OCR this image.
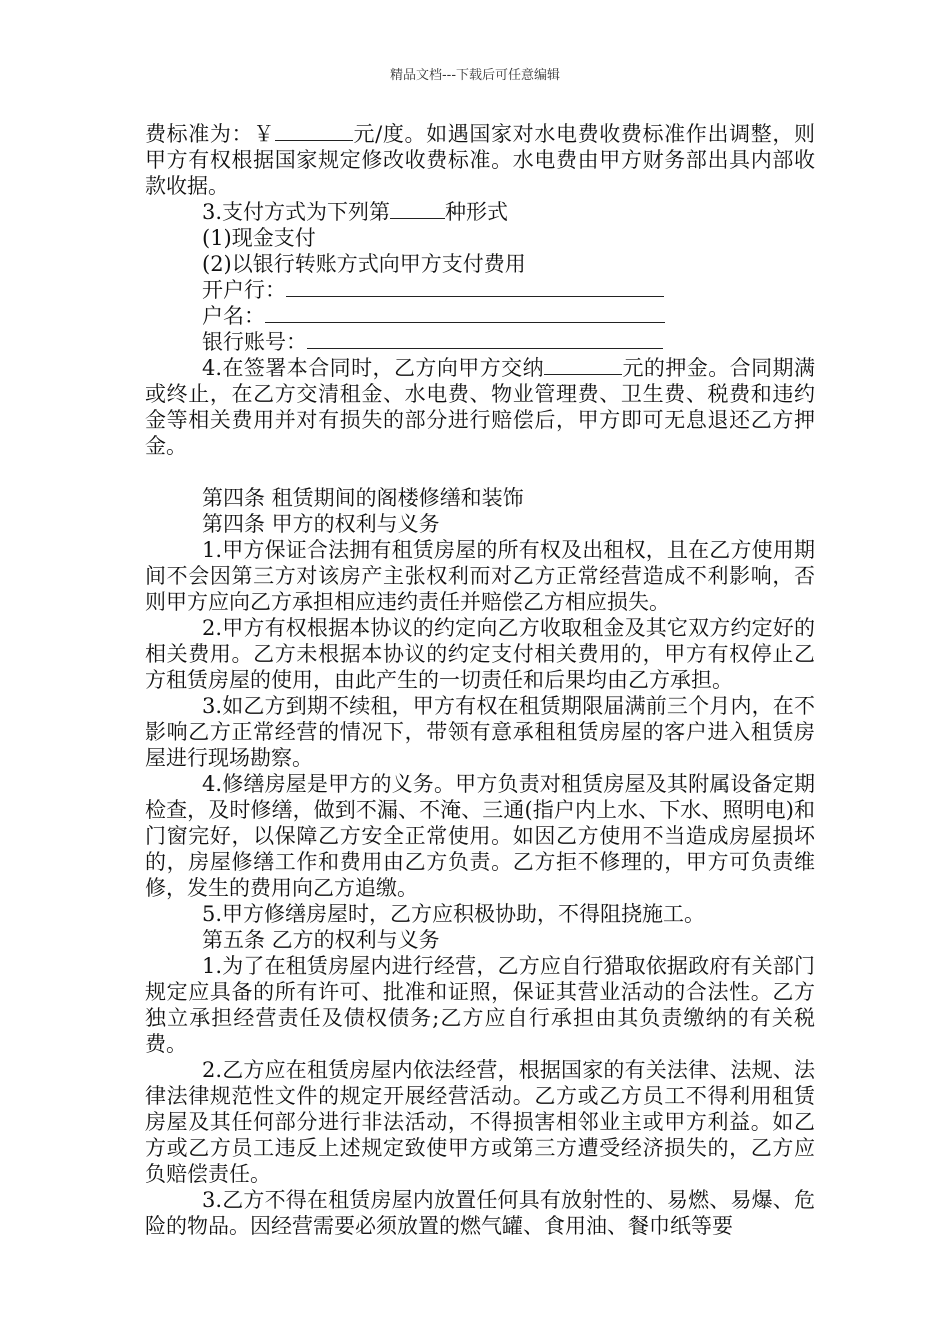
精品文档---下载后可任意编辑

费标准为：￥	元/度。如遇国家对水电费收费标准作出调整，则甲方有权根据国家规定修改收费标准。水电费由甲方财务部出具内部收款收据。

3.支付方式为下列第	种形式

(1)现金支付

(2)以银行转账方式向甲方支付费用

开户行：

户名：

银行账号：

4.在签署本合同时，乙方向甲方交纳	元的押金。合同期满或终止，在乙方交清租金、水电费、物业管理费、卫生费、税费和违约金等相关费用并对有损失的部分进行赔偿后，甲方即可无息退还乙方押金。

第四条 租赁期间的阁楼修缮和装饰

第四条 甲方的权利与义务

1.甲方保证合法拥有租赁房屋的所有权及出租权，且在乙方使用期间不会因第三方对该房产主张权利而对乙方正常经营造成不利影响，否则甲方应向乙方承担相应违约责任并赔偿乙方相应损失。

2.甲方有权根据本协议的约定向乙方收取租金及其它双方约定好的相关费用。乙方未根据本协议的约定支付相关费用的，甲方有权停止乙方租赁房屋的使用，由此产生的一切责任和后果均由乙方承担。

3.如乙方到期不续租，甲方有权在租赁期限届满前三个月内，在不影响乙方正常经营的情况下，带领有意承租租赁房屋的客户进入租赁房屋进行现场勘察。

4.修缮房屋是甲方的义务。甲方负责对租赁房屋及其附属设备定期检查，及时修缮，做到不漏、不淹、三通(指户内上水、下水、照明电)和门窗完好，以保障乙方安全正常使用。如因乙方使用不当造成房屋损坏的，房屋修缮工作和费用由乙方负责。乙方拒不修理的，甲方可负责维修，发生的费用向乙方追缴。

5.甲方修缮房屋时，乙方应积极协助，不得阻挠施工。

第五条 乙方的权利与义务

1.为了在租赁房屋内进行经营，乙方应自行猎取依据政府有关部门规定应具备的所有许可、批准和证照，保证其营业活动的合法性。乙方独立承担经营责任及债权债务;乙方应自行承担由其负责缴纳的有关税费。

2.乙方应在租赁房屋内依法经营，根据国家的有关法律、法规、法律法律规范性文件的规定开展经营活动。乙方或乙方员工不得利用租赁房屋及其任何部分进行非法活动，不得损害相邻业主或甲方利益。如乙方或乙方员工违反上述规定致使甲方或第三方遭受经济损失的，乙方应负赔偿责任。

3.乙方不得在租赁房屋内放置任何具有放射性的、易燃、易爆、危险的物品。因经营需要必须放置的燃气罐、食用油、餐巾纸等要
